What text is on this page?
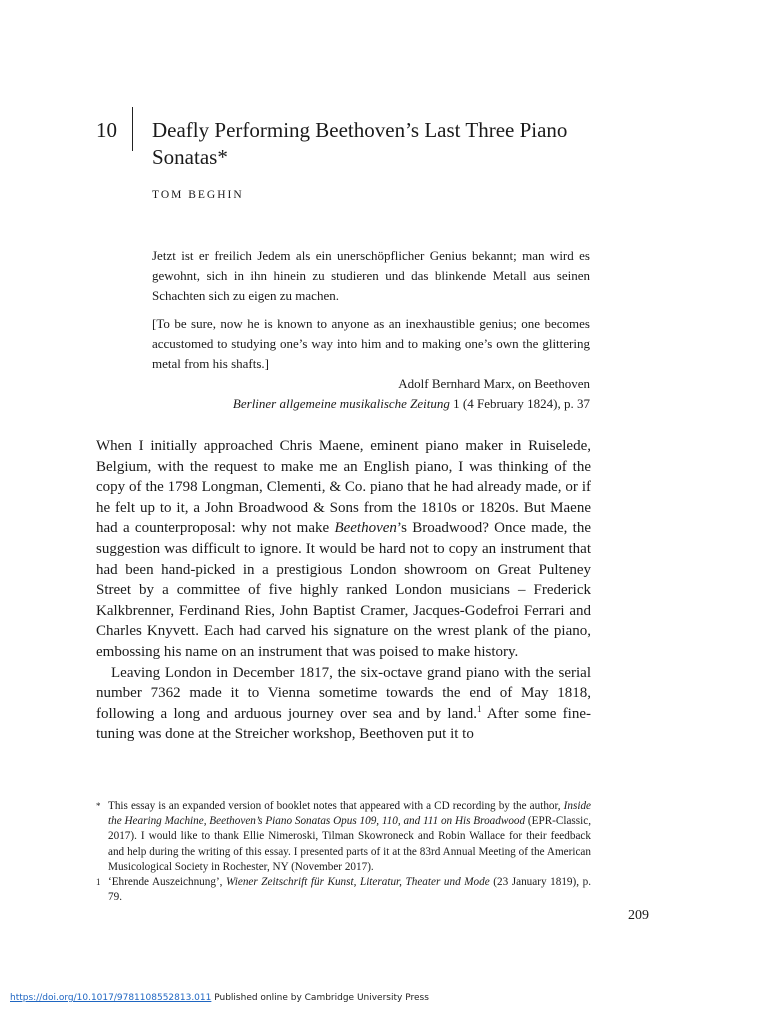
10 Deafly Performing Beethoven’s Last Three Piano Sonatas*
TOM BEGHIN

Jetzt ist er freilich Jedem als ein unerschöpflicher Genius bekannt; man wird es gewohnt, sich in ihn hinein zu studieren und das blinkende Metall aus seinen Schachten sich zu eigen zu machen.

[To be sure, now he is known to anyone as an inexhaustible genius; one becomes accustomed to studying one’s way into him and to making one’s own the glittering metal from his shafts.]

Adolf Bernhard Marx, on Beethoven

Berliner allgemeine musikalische Zeitung 1 (4 February 1824), p. 37

When I initially approached Chris Maene, eminent piano maker in Ruiselede, Belgium, with the request to make me an English piano, I was thinking of the copy of the 1798 Longman, Clementi, & Co. piano that he had already made, or if he felt up to it, a John Broadwood & Sons from the 1810s or 1820s. But Maene had a counterproposal: why not make Beethoven’s Broadwood? Once made, the suggestion was difficult to ignore. It would be hard not to copy an instrument that had been hand-picked in a prestigious London showroom on Great Pulteney Street by a committee of five highly ranked London musicians – Frederick Kalkbrenner, Ferdinand Ries, John Baptist Cramer, Jacques-Godefroi Ferrari and Charles Knyvett. Each had carved his signature on the wrest plank of the piano, embossing his name on an instrument that was poised to make history.

Leaving London in December 1817, the six-octave grand piano with the serial number 7362 made it to Vienna sometime towards the end of May 1818, following a long and arduous journey over sea and by land.$^1$ After some fine-tuning was done at the Streicher workshop, Beethoven put it to

* This essay is an expanded version of booklet notes that appeared with a CD recording by the author, Inside the Hearing Machine, Beethoven’s Piano Sonatas Opus 109, 110, and 111 on His Broadwood (EPR-Classic, 2017). I would like to thank Ellie Nimeroski, Tilman Skowroneck and Robin Wallace for their feedback and help during the writing of this essay. I presented parts of it at the 83rd Annual Meeting of the American Musicological Society in Rochester, NY (November 2017).

1 ‘Ehrende Auszeichnung’, Wiener Zeitschrift für Kunst, Literatur, Theater und Mode (23 January 1819), p. 79.

209
https://doi.org/10.1017/9781108552813.011 Published online by Cambridge University Press
